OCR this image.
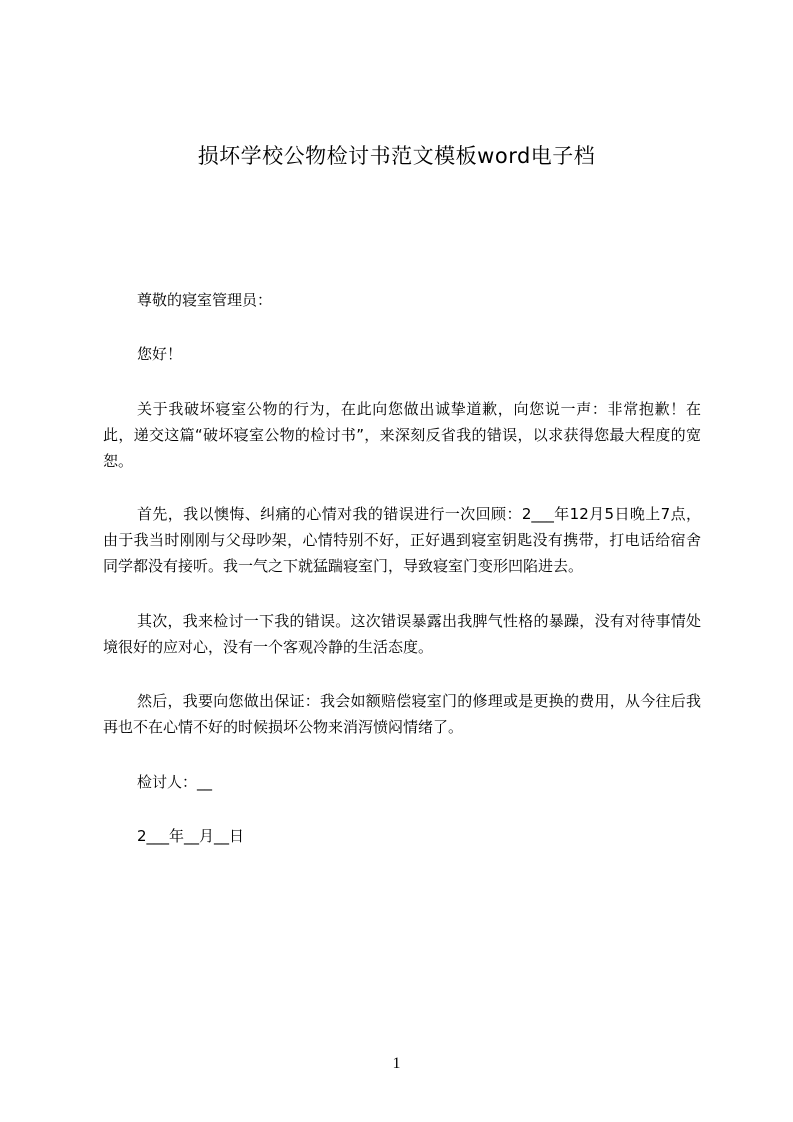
损坏学校公物检讨书范文模板word电子档

尊敬的寝室管理员：

您好！

关于我破坏寝室公物的行为，在此向您做出诚挚道歉，向您说一声：非常抱歉！在此，递交这篇“破坏寝室公物的检讨书”，来深刻反省我的错误，以求获得您最大程度的宽恕。

首先，我以懊悔、纠痛的心情对我的错误进行一次回顾：2___年12月5日晚上7点，由于我当时刚刚与父母吵架，心情特别不好，正好遇到寝室钥匙没有携带，打电话给宿舍同学都没有接听。我一气之下就猛踹寝室门，导致寝室门变形凹陷进去。

其次，我来检讨一下我的错误。这次错误暴露出我脾气性格的暴躁，没有对待事情处境很好的应对心，没有一个客观冷静的生活态度。

然后，我要向您做出保证：我会如额赔偿寝室门的修理或是更换的费用，从今往后我再也不在心情不好的时候损坏公物来消泻愤闷情绪了。

检讨人：__

2___年__月__日

1
